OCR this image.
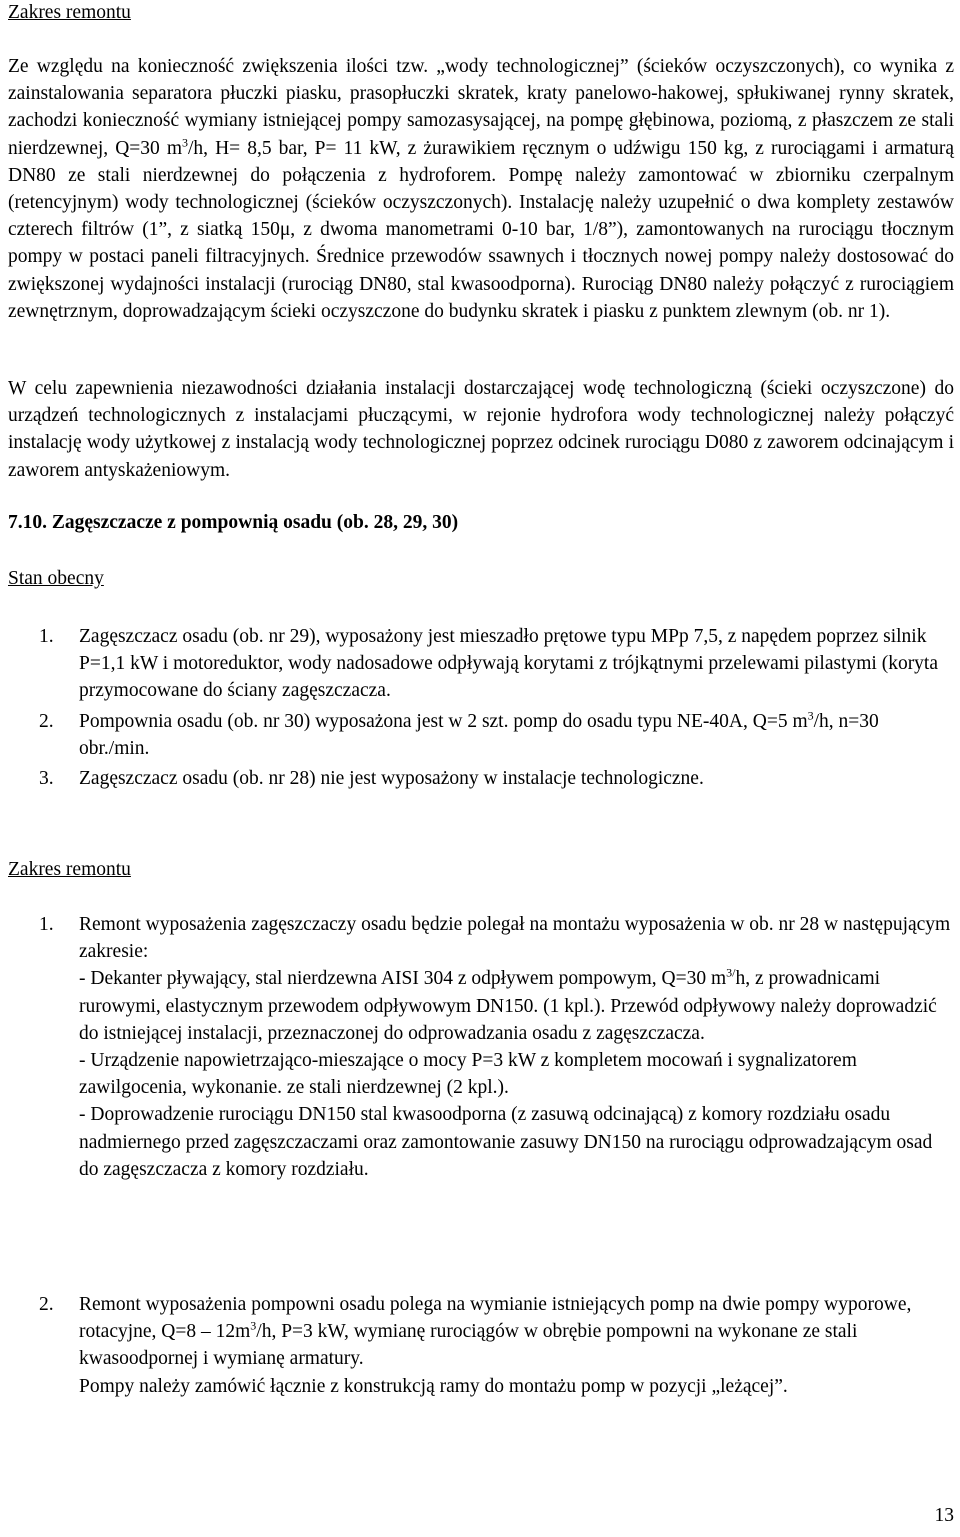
Zakres remontu

Ze względu na konieczność zwiększenia ilości tzw. „wody technologicznej” (ścieków oczyszczonych), co wynika z zainstalowania separatora płuczki piasku, prasopłuczki skratek, kraty panelowo-hakowej, spłukiwanej rynny skratek, zachodzi konieczność wymiany istniejącej pompy samozasysającej, na pompę głębinowa, poziomą, z płaszczem ze stali nierdzewnej, Q=30 $m^3/h$, H= 8,5 bar, P= 11 kW, z żurawikiem ręcznym o udźwigu 150 kg, z rurociągami i armaturą DN80 ze stali nierdzewnej do połączenia z hydroforem. Pompę należy zamontować w zbiorniku czerpalnym (retencyjnym) wody technologicznej (ścieków oczyszczonych). Instalację należy uzupełnić o dwa komplety zestawów czterech filtrów (1”, z siatką 150μ, z dwoma manometrami 0-10 bar, 1/8”), zamontowanych na rurociągu tłocznym pompy w postaci paneli filtracyjnych. Średnice przewodów ssawnych i tłocznych nowej pompy należy dostosować do zwiększonej wydajności instalacji (rurociąg DN80, stal kwasoodporna). Rurociąg DN80 należy połączyć z rurociągiem zewnętrznym, doprowadzającym ścieki oczyszczone do budynku skratek i piasku z punktem zlewnym (ob. nr 1).

W celu zapewnienia niezawodności działania instalacji dostarczającej wodę technologiczną (ścieki oczyszczone) do urządzeń technologicznych z instalacjami płuczącymi, w rejonie hydrofora wody technologicznej należy połączyć instalację wody użytkowej z instalacją wody technologicznej poprzez odcinek rurociągu D080 z zaworem odcinającym i zaworem antyskażeniowym.

7.10. Zagęszczacze z pompownią osadu (ob. 28, 29, 30)
Stan obecny
1. Zagęszczacz osadu (ob. nr 29), wyposażony jest mieszadło prętowe typu MPp 7,5, z napędem poprzez silnik P=1,1 kW i motoreduktor, wody nadosadowe odpływają korytami z trójkątnymi przelewami pilastymi (koryta przymocowane do ściany zagęszczacza.

2. Pompownia osadu (ob. nr 30) wyposażona jest w 2 szt. pomp do osadu typu NE-40A, Q=5 $m^3/h$, n=30 obr./min.

3. Zagęszczacz osadu (ob. nr 28) nie jest wyposażony w instalacje technologiczne.

Zakres remontu
1. Remont wyposażenia zagęszczaczy osadu będzie polegał na montażu wyposażenia w ob. nr 28 w następującym zakresie:

- Dekanter pływający, stal nierdzewna AISI 304 z odpływem pompowym, Q=30 $m^{3/}h$, z prowadnicami rurowymi, elastycznym przewodem odpływowym DN150. (1 kpl.). Przewód odpływowy należy doprowadzić do istniejącej instalacji, przeznaczonej do odprowadzania osadu z zagęszczacza.

- Urządzenie napowietrzająco-mieszające o mocy P=3 kW z kompletem mocowań i sygnalizatorem zawilgocenia, wykonanie. ze stali nierdzewnej (2 kpl.).

- Doprowadzenie rurociągu DN150 stal kwasoodporna (z zasuwą odcinającą) z komory rozdziału osadu nadmiernego przed zagęszczaczami oraz zamontowanie zasuwy DN150 na rurociągu odprowadzającym osad do zagęszczacza z komory rozdziału.

2. Remont wyposażenia pompowni osadu polega na wymianie istniejących pomp na dwie pompy wyporowe, rotacyjne, $Q=8 - 12m^3/h$, P=3 kW, wymianę rurociągów w obrębie pompowni na wykonane ze stali kwasoodpornej i wymianę armatury.

Pompy należy zamówić łącznie z konstrukcją ramy do montażu pomp w pozycji „leżącej”.

13
